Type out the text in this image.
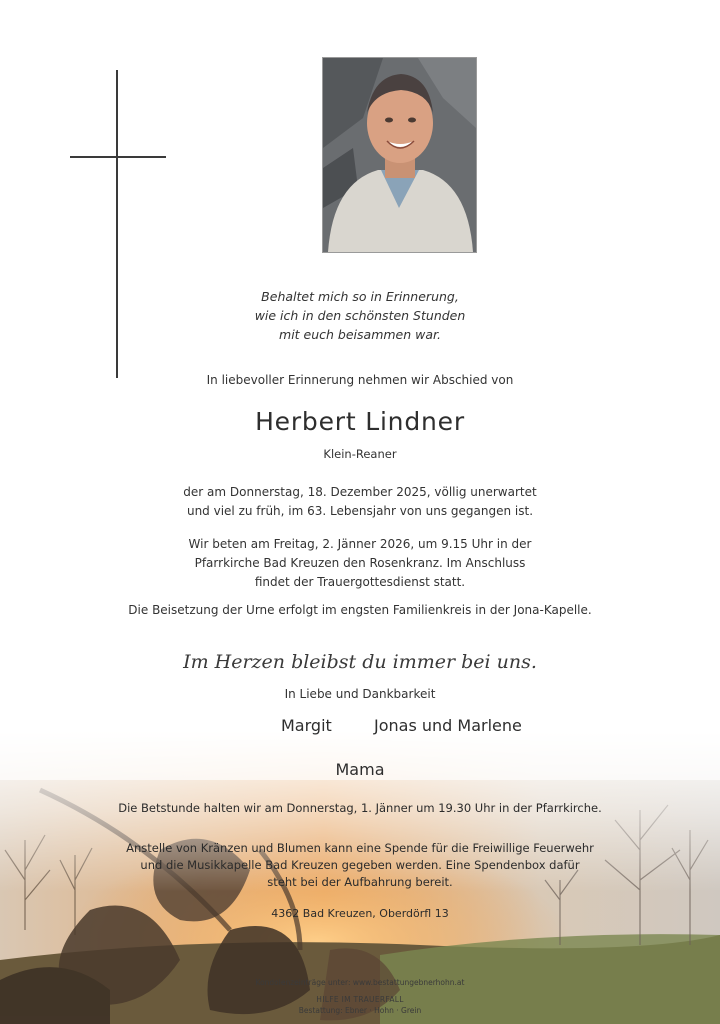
Behaltet mich so in Erinnerung,
wie ich in den schönsten Stunden
mit euch beisammen war.
In liebevoller Erinnerung nehmen wir Abschied von
Herbert Lindner
Klein-Reaner
der am Donnerstag, 18. Dezember 2025, völlig unerwartet
und viel zu früh, im 63. Lebensjahr von uns gegangen ist.
Wir beten am Freitag, 2. Jänner 2026, um 9.15 Uhr in der
Pfarrkirche Bad Kreuzen den Rosenkranz. Im Anschluss
findet der Trauergottesdienst statt.
Die Beisetzung der Urne erfolgt im engsten Familienkreis in der Jona-Kapelle.
Im Herzen bleibst du immer bei uns.
In Liebe und Dankbarkeit
Margit	Jonas und Marlene
Mama
Die Betstunde halten wir am Donnerstag, 1. Jänner um 19.30 Uhr in der Pfarrkirche.
Anstelle von Kränzen und Blumen kann eine Spende für die Freiwillige Feuerwehr
und die Musikkapelle Bad Kreuzen gegeben werden. Eine Spendenbox dafür
steht bei der Aufbahrung bereit.
4362 Bad Kreuzen, Oberdörfl 13
Kondolenzeinträge unter: www.bestattungebnerhohn.at
HILFE IM TRAUERFALL
Bestattung: Ebner · Hohn · Grein
